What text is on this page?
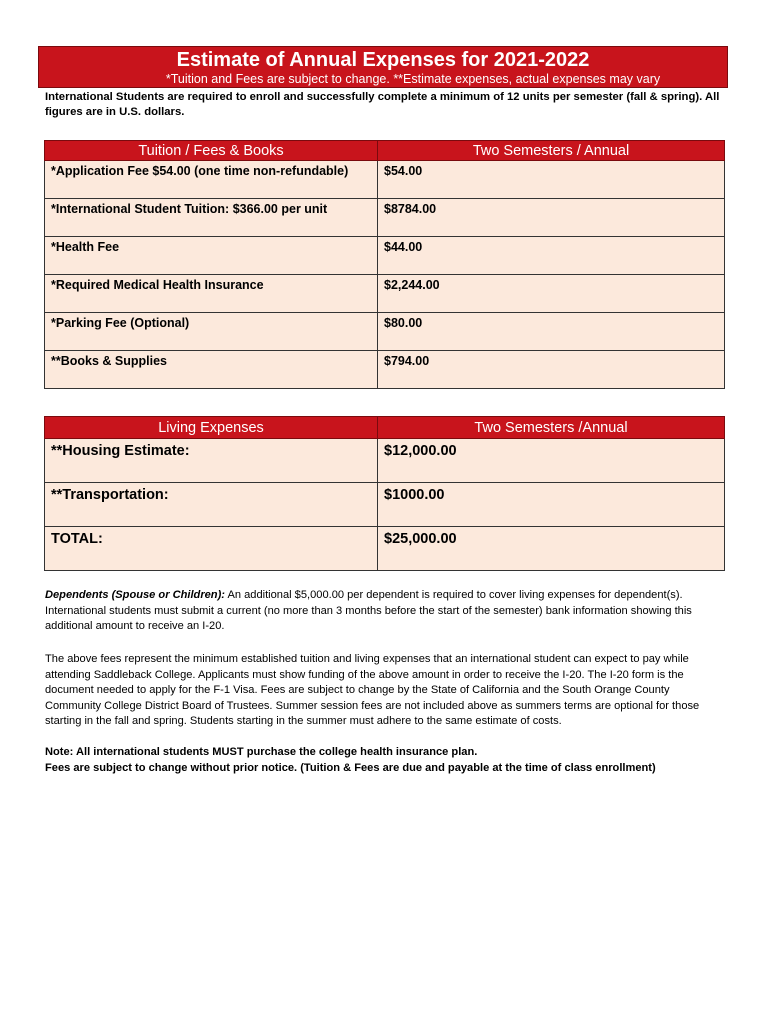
Estimate of Annual Expenses for 2021-2022
*Tuition and Fees are subject to change. **Estimate expenses, actual expenses may vary
International Students are required to enroll and successfully complete a minimum of 12 units per semester (fall & spring). All figures are in U.S. dollars.
Tuition / Fees & Books	Two Semesters / Annual
*Application Fee $54.00 (one time non-refundable)	$54.00
*International Student Tuition: $366.00 per unit	$8784.00
*Health Fee	$44.00
*Required Medical Health Insurance	$2,244.00
*Parking Fee (Optional)	$80.00
**Books & Supplies	$794.00
Living Expenses	Two Semesters /Annual
**Housing Estimate:	$12,000.00
**Transportation:	$1000.00
TOTAL:	$25,000.00
Dependents (Spouse or Children): An additional $5,000.00 per dependent is required to cover living expenses for dependent(s). International students must submit a current (no more than 3 months before the start of the semester) bank information showing this additional amount to receive an I-20.
The above fees represent the minimum established tuition and living expenses that an international student can expect to pay while attending Saddleback College. Applicants must show funding of the above amount in order to receive the I-20. The I-20 form is the document needed to apply for the F-1 Visa. Fees are subject to change by the State of California and the South Orange County Community College District Board of Trustees. Summer session fees are not included above as summers terms are optional for those starting in the fall and spring. Students starting in the summer must adhere to the same estimate of costs.
Note: All international students MUST purchase the college health insurance plan.
Fees are subject to change without prior notice. (Tuition & Fees are due and payable at the time of class enrollment)
